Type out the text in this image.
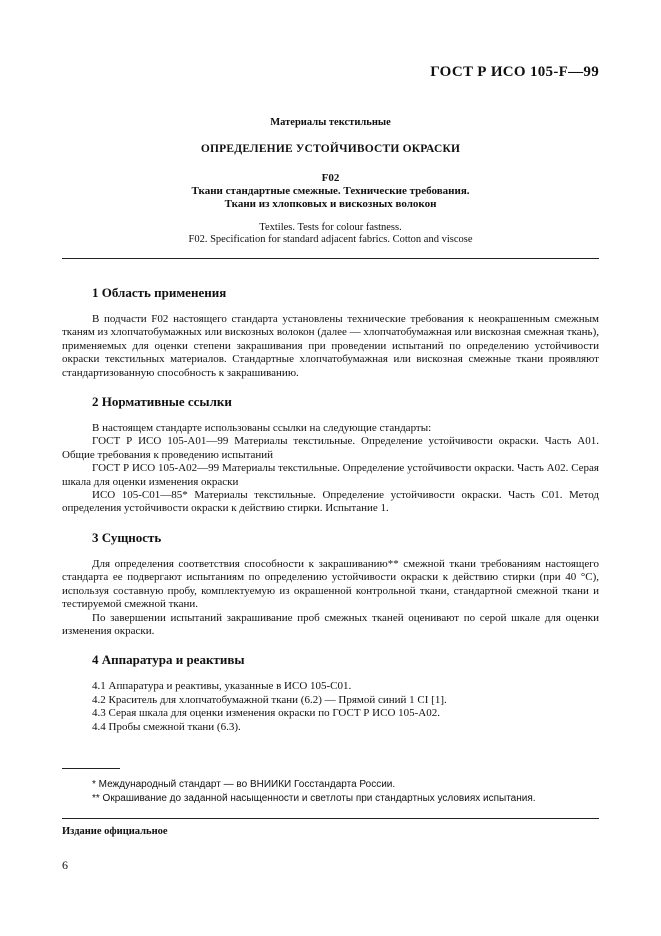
ГОСТ Р ИСО 105-F—99
Материалы текстильные
ОПРЕДЕЛЕНИЕ УСТОЙЧИВОСТИ ОКРАСКИ
F02
Ткани стандартные смежные. Технические требования.
Ткани из хлопковых и вискозных волокон
Textiles. Tests for colour fastness.
F02. Specification for standard adjacent fabrics. Cotton and viscose
1 Область применения

В подчасти F02 настоящего стандарта установлены технические требования к неокрашенным смежным тканям из хлопчатобумажных или вискозных волокон (далее — хлопчатобумажная или вискозная смежная ткань), применяемых для оценки степени закрашивания при проведении испытаний по определению устойчивости окраски текстильных материалов. Стандартные хлопчатобумажная или вискозная смежные ткани проявляют стандартизованную способность к закрашиванию.

2 Нормативные ссылки

В настоящем стандарте использованы ссылки на следующие стандарты:

ГОСТ Р ИСО 105-А01—99 Материалы текстильные. Определение устойчивости окраски. Часть А01. Общие требования к проведению испытаний

ГОСТ Р ИСО 105-А02—99 Материалы текстильные. Определение устойчивости окраски. Часть А02. Серая шкала для оценки изменения окраски

ИСО 105-С01—85* Материалы текстильные. Определение устойчивости окраски. Часть С01. Метод определения устойчивости окраски к действию стирки. Испытание 1.

3 Сущность

Для определения соответствия способности к закрашиванию** смежной ткани требованиям настоящего стандарта ее подвергают испытаниям по определению устойчивости окраски к действию стирки (при 40 °С), используя составную пробу, комплектуемую из окрашенной контрольной ткани, стандартной смежной ткани и тестируемой смежной ткани.

По завершении испытаний закрашивание проб смежных тканей оценивают по серой шкале для оценки изменения окраски.

4 Аппаратура и реактивы

4.1 Аппаратура и реактивы, указанные в ИСО 105-С01.

4.2 Краситель для хлопчатобумажной ткани (6.2) — Прямой синий 1 CI [1].

4.3 Серая шкала для оценки изменения окраски по ГОСТ Р ИСО 105-А02.

4.4 Пробы смежной ткани (6.3).

* Международный стандарт — во ВНИИКИ Госстандарта России.
** Окрашивание до заданной насыщенности и светлоты при стандартных условиях испытания.
Издание официальное
6
